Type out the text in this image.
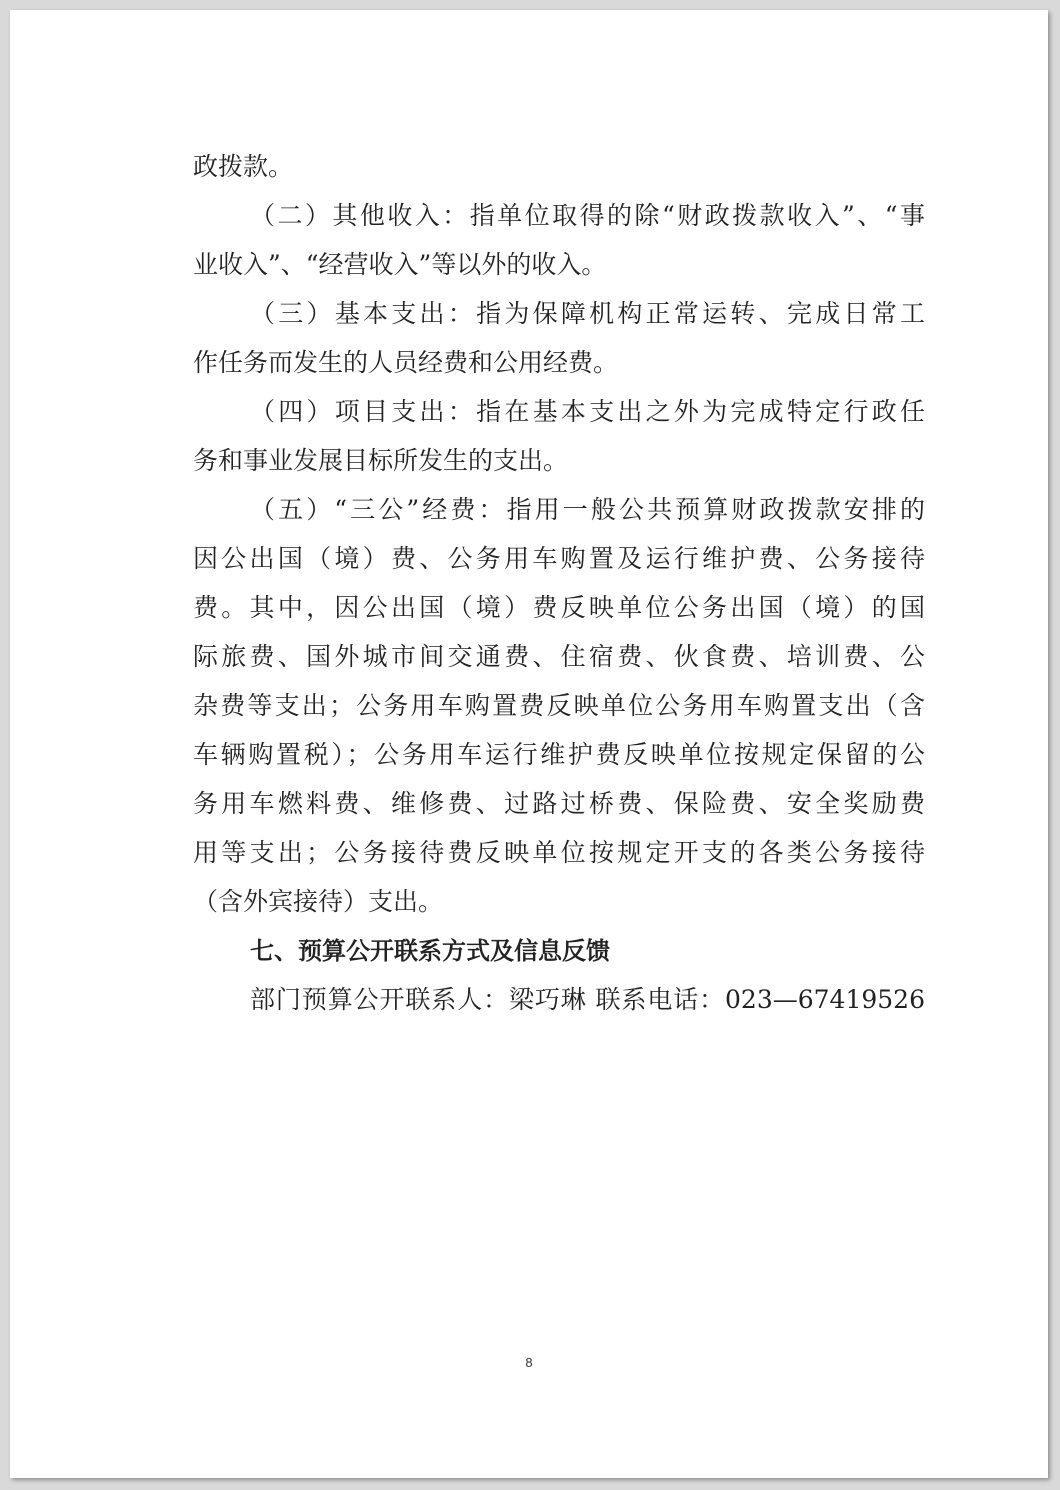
政拨款。
（二）其他收入：指单位取得的除“财政拨款收入”、“事
业收入”、“经营收入”等以外的收入。
（三）基本支出：指为保障机构正常运转、完成日常工
作任务而发生的人员经费和公用经费。
（四）项目支出：指在基本支出之外为完成特定行政任
务和事业发展目标所发生的支出。
（五）“三公”经费：指用一般公共预算财政拨款安排的
因公出国（境）费、公务用车购置及运行维护费、公务接待
费。其中，因公出国（境）费反映单位公务出国（境）的国
际旅费、国外城市间交通费、住宿费、伙食费、培训费、公
杂费等支出；公务用车购置费反映单位公务用车购置支出（含
车辆购置税）；公务用车运行维护费反映单位按规定保留的公
务用车燃料费、维修费、过路过桥费、保险费、安全奖励费
用等支出；公务接待费反映单位按规定开支的各类公务接待
（含外宾接待）支出。
七、预算公开联系方式及信息反馈
部门预算公开联系人：梁巧琳 联系电话：023—67419526
8
